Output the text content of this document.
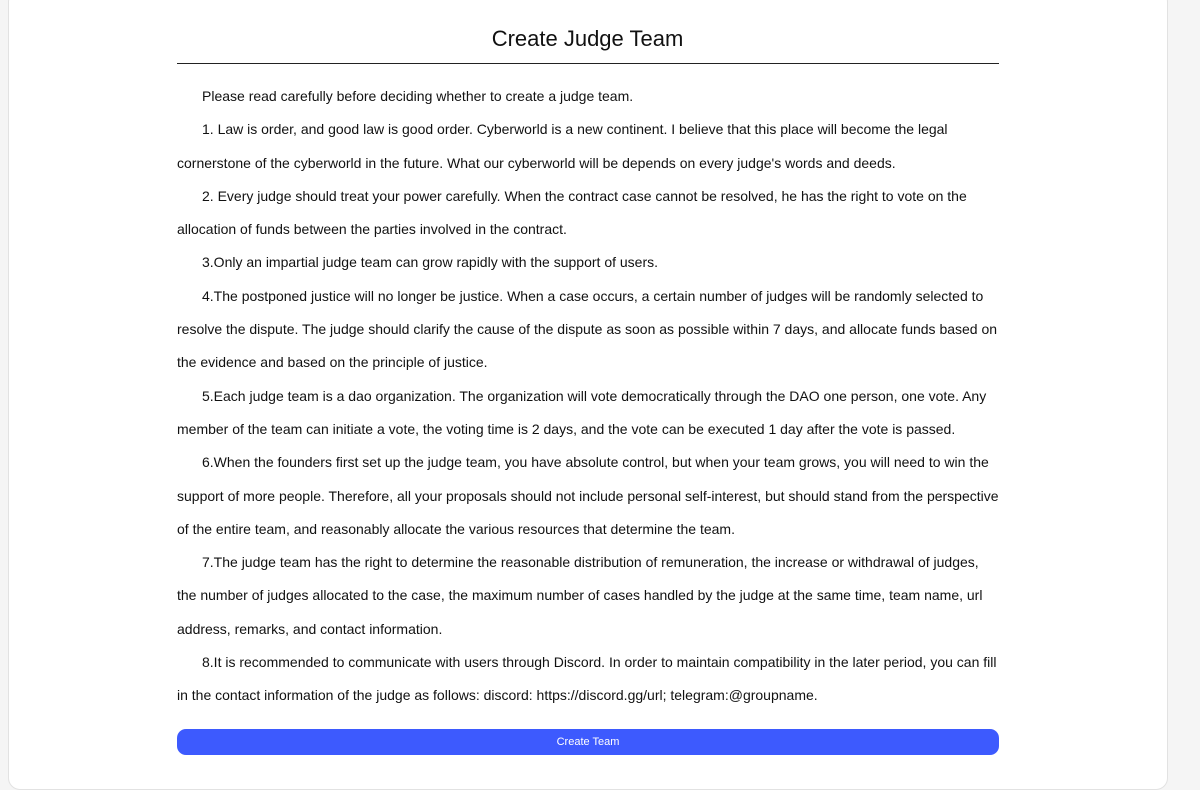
Create Judge Team

Please read carefully before deciding whether to create a judge team.

1. Law is order, and good law is good order. Cyberworld is a new continent. I believe that this place will become the legal cornerstone of the cyberworld in the future. What our cyberworld will be depends on every judge's words and deeds.

2. Every judge should treat your power carefully. When the contract case cannot be resolved, he has the right to vote on the allocation of funds between the parties involved in the contract.

3.Only an impartial judge team can grow rapidly with the support of users.

4.The postponed justice will no longer be justice. When a case occurs, a certain number of judges will be randomly selected to resolve the dispute. The judge should clarify the cause of the dispute as soon as possible within 7 days, and allocate funds based on the evidence and based on the principle of justice.

5.Each judge team is a dao organization. The organization will vote democratically through the DAO one person, one vote. Any member of the team can initiate a vote, the voting time is 2 days, and the vote can be executed 1 day after the vote is passed.

6.When the founders first set up the judge team, you have absolute control, but when your team grows, you will need to win the support of more people. Therefore, all your proposals should not include personal self-interest, but should stand from the perspective of the entire team, and reasonably allocate the various resources that determine the team.

7.The judge team has the right to determine the reasonable distribution of remuneration, the increase or withdrawal of judges, the number of judges allocated to the case, the maximum number of cases handled by the judge at the same time, team name, url address, remarks, and contact information.

8.It is recommended to communicate with users through Discord. In order to maintain compatibility in the later period, you can fill in the contact information of the judge as follows: discord: https://discord.gg/url; telegram:@groupname.

Create Team
